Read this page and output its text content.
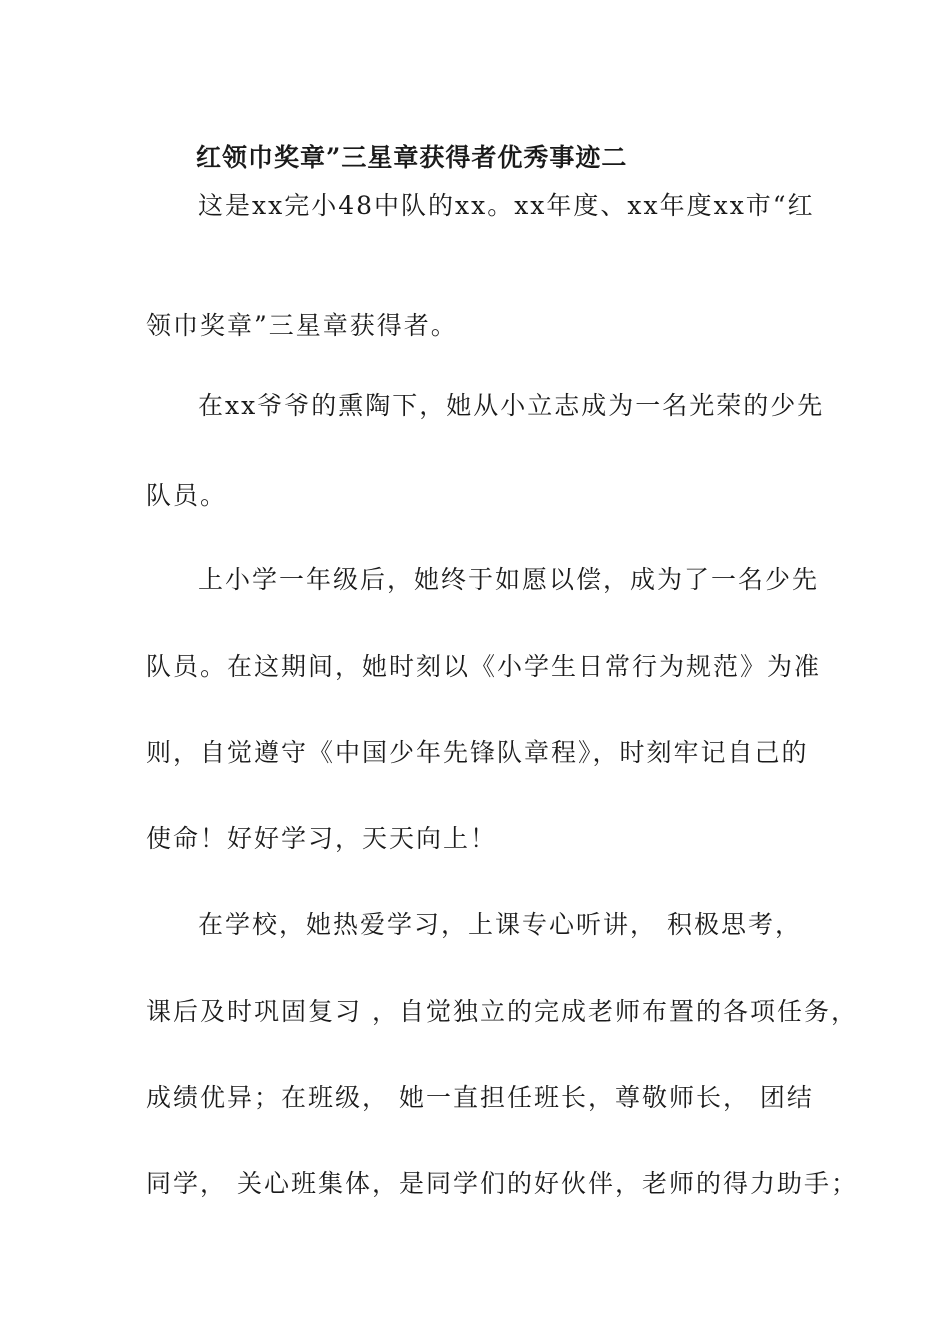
红领巾奖章”三星章获得者优秀事迹二
这是xx完小48中队的xx。xx年度、xx年度xx市“红
领巾奖章”三星章获得者。
在xx爷爷的熏陶下，她从小立志成为一名光荣的少先
队员。
上小学一年级后，她终于如愿以偿，成为了一名少先
队员。在这期间，她时刻以《小学生日常行为规范》为准
则，自觉遵守《中国少年先锋队章程》，时刻牢记自己的
使命！好好学习，天天向上！
在学校，她热爱学习，上课专心听讲， 积极思考，
课后及时巩固复习 ，自觉独立的完成老师布置的各项任务，
成绩优异；在班级， 她一直担任班长，尊敬师长， 团结
同学， 关心班集体，是同学们的好伙伴，老师的得力助手；
